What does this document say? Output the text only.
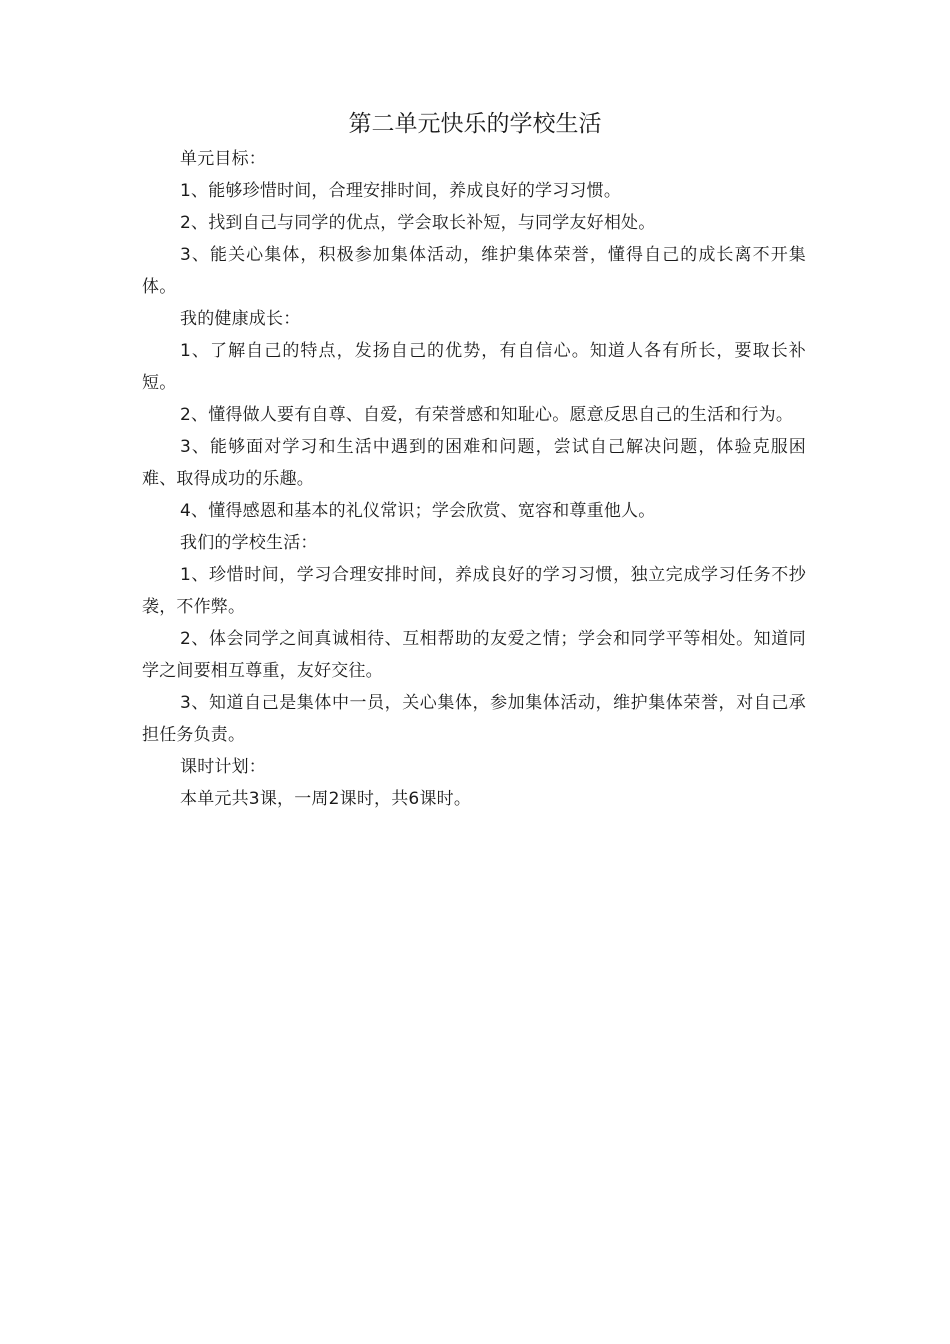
第二单元快乐的学校生活

单元目标：

1、能够珍惜时间，合理安排时间，养成良好的学习习惯。

2、找到自己与同学的优点，学会取长补短，与同学友好相处。

3、能关心集体，积极参加集体活动，维护集体荣誉，懂得自己的成长离不开集体。

我的健康成长：

1、了解自己的特点，发扬自己的优势，有自信心。知道人各有所长，要取长补短。

2、懂得做人要有自尊、自爱，有荣誉感和知耻心。愿意反思自己的生活和行为。

3、能够面对学习和生活中遇到的困难和问题，尝试自己解决问题，体验克服困难、取得成功的乐趣。

4、懂得感恩和基本的礼仪常识；学会欣赏、宽容和尊重他人。

我们的学校生活：

1、珍惜时间，学习合理安排时间，养成良好的学习习惯，独立完成学习任务不抄袭，不作弊。

2、体会同学之间真诚相待、互相帮助的友爱之情；学会和同学平等相处。知道同学之间要相互尊重，友好交往。

3、知道自己是集体中一员，关心集体，参加集体活动，维护集体荣誉，对自己承担任务负责。

课时计划：

本单元共3课，一周2课时，共6课时。
